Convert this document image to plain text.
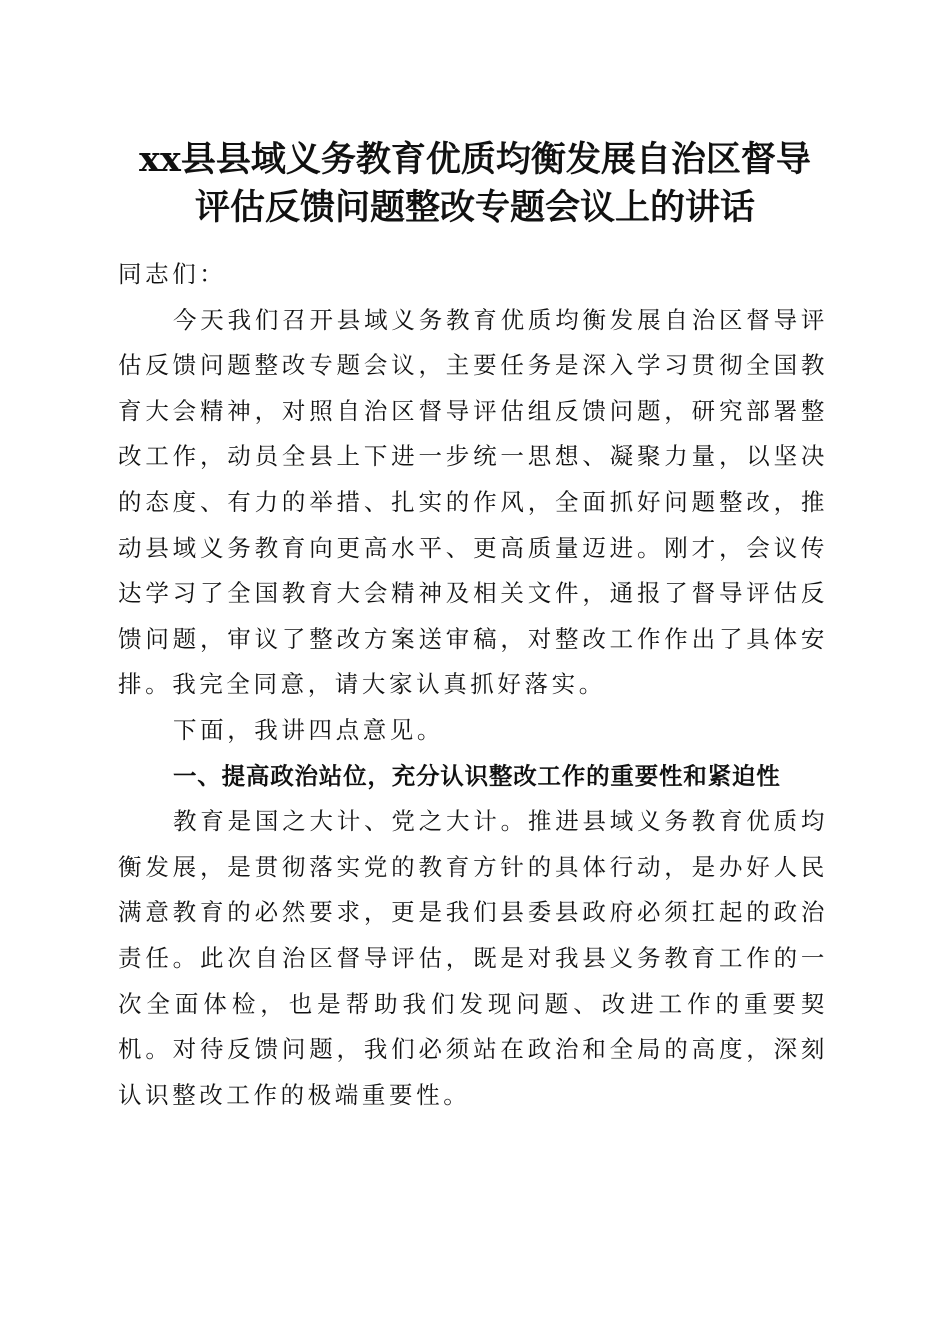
xx县县域义务教育优质均衡发展自治区督导
评估反馈问题整改专题会议上的讲话

同志们：

今天我们召开县域义务教育优质均衡发展自治区督导评估反馈问题整改专题会议，主要任务是深入学习贯彻全国教育大会精神，对照自治区督导评估组反馈问题，研究部署整改工作，动员全县上下进一步统一思想、凝聚力量，以坚决的态度、有力的举措、扎实的作风，全面抓好问题整改，推动县域义务教育向更高水平、更高质量迈进。刚才，会议传达学习了全国教育大会精神及相关文件，通报了督导评估反馈问题，审议了整改方案送审稿，对整改工作作出了具体安排。我完全同意，请大家认真抓好落实。

下面，我讲四点意见。

一、提高政治站位，充分认识整改工作的重要性和紧迫性

教育是国之大计、党之大计。推进县域义务教育优质均衡发展，是贯彻落实党的教育方针的具体行动，是办好人民满意教育的必然要求，更是我们县委县政府必须扛起的政治责任。此次自治区督导评估，既是对我县义务教育工作的一次全面体检，也是帮助我们发现问题、改进工作的重要契机。对待反馈问题，我们必须站在政治和全局的高度，深刻认识整改工作的极端重要性。
